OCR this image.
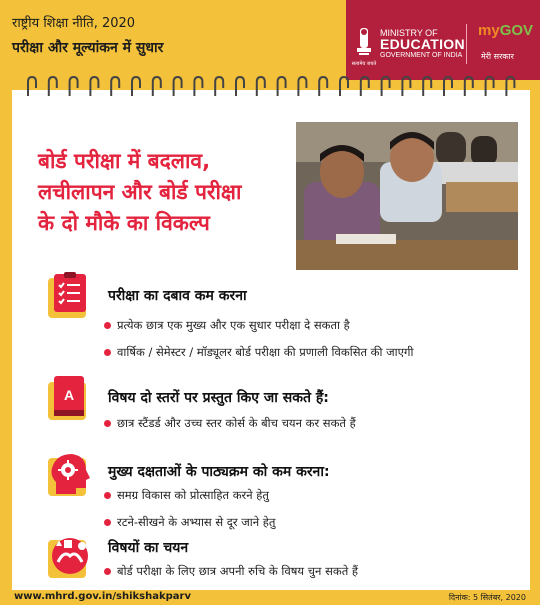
राष्ट्रीय शिक्षा नीति, 2020
परीक्षा और मूल्यांकन में सुधार
सत्यमेव जयते
MINISTRY OF
EDUCATION
GOVERNMENT OF INDIA
myGOV
मेरी सरकार
बोर्ड परीक्षा में बदलाव,
लचीलापन और बोर्ड परीक्षा
के दो मौके का विकल्प
परीक्षा का दबाव कम करना
प्रत्येक छात्र एक मुख्य और एक सुधार परीक्षा दे सकता है
वार्षिक / सेमेस्टर / मॉड्यूलर बोर्ड परीक्षा की प्रणाली विकसित की जाएगी
A विषय दो स्तरों पर प्रस्तुत किए जा सकते हैं:
छात्र स्टैंडर्ड और उच्च स्तर कोर्स के बीच चयन कर सकते हैं
मुख्य दक्षताओं के पाठ्यक्रम को कम करना:
समग्र विकास को प्रोत्साहित करने हेतु
रटने-सीखने के अभ्यास से दूर जाने हेतु
विषयों का चयन
बोर्ड परीक्षा के लिए छात्र अपनी रुचि के विषय चुन सकते हैं
www.mhrd.gov.in/shikshakparv	दिनांक: 5 सितंबर, 2020
